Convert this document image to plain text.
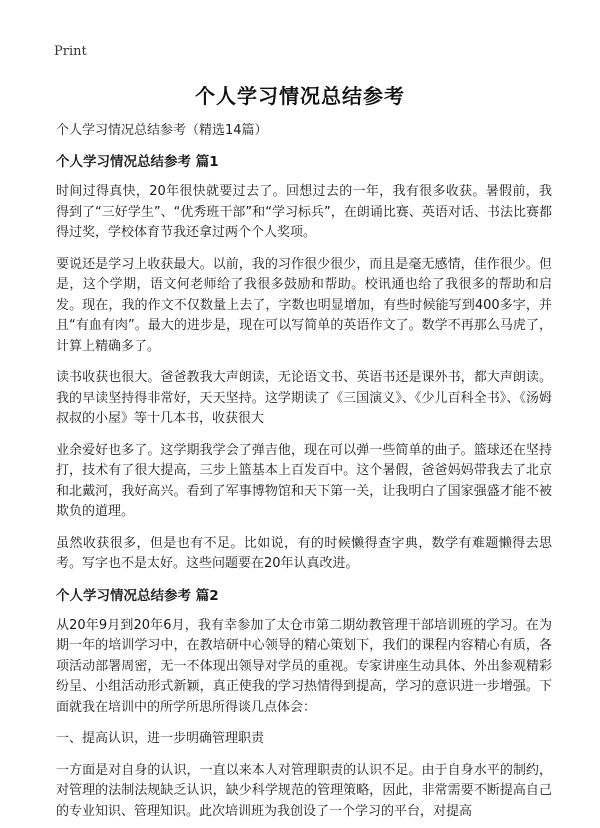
Print
个人学习情况总结参考
个人学习情况总结参考（精选14篇）
个人学习情况总结参考 篇1

时间过得真快，20年很快就要过去了。回想过去的一年，我有很多收获。暑假前，我得到了“三好学生”、“优秀班干部”和“学习标兵”，在朗诵比赛、英语对话、书法比赛都得过奖，学校体育节我还拿过两个个人奖项。

要说还是学习上收获最大。以前，我的习作很少很少，而且是毫无感情，佳作很少。但是，这个学期，语文何老师给了我很多鼓励和帮助。校讯通也给了我很多的帮助和启发。现在，我的作文不仅数量上去了，字数也明显增加，有些时候能写到400多字，并且“有血有肉”。最大的进步是，现在可以写简单的英语作文了。数学不再那么马虎了，计算上精确多了。

读书收获也很大。爸爸教我大声朗读，无论语文书、英语书还是课外书，都大声朗读。我的早读坚持得非常好，天天坚持。这学期读了《三国演义》、《少儿百科全书》、《汤姆叔叔的小屋》等十几本书，收获很大

业余爱好也多了。这学期我学会了弹吉他，现在可以弹一些简单的曲子。篮球还在坚持打，技术有了很大提高，三步上篮基本上百发百中。这个暑假，爸爸妈妈带我去了北京和北戴河，我好高兴。看到了军事博物馆和天下第一关，让我明白了国家强盛才能不被欺负的道理。

虽然收获很多，但是也有不足。比如说，有的时候懒得查字典，数学有难题懒得去思考。写字也不是太好。这些问题要在20年认真改进。

个人学习情况总结参考 篇2

从20年9月到20年6月，我有幸参加了太仓市第二期幼教管理干部培训班的学习。在为期一年的培训学习中，在教培研中心领导的精心策划下，我们的课程内容精心有质，各项活动部署周密，无一不体现出领导对学员的重视。专家讲座生动具体、外出参观精彩纷呈、小组活动形式新颖，真正使我的学习热情得到提高，学习的意识进一步增强。下面就我在培训中的所学所思所得谈几点体会：

一、提高认识，进一步明确管理职责

一方面是对自身的认识，一直以来本人对管理职责的认识不足。由于自身水平的制约，对管理的法制法规缺乏认识，缺少科学规范的管理策略，因此，非常需要不断提高自己的专业知识、管理知识。此次培训班为我创设了一个学习的平台，对提高
